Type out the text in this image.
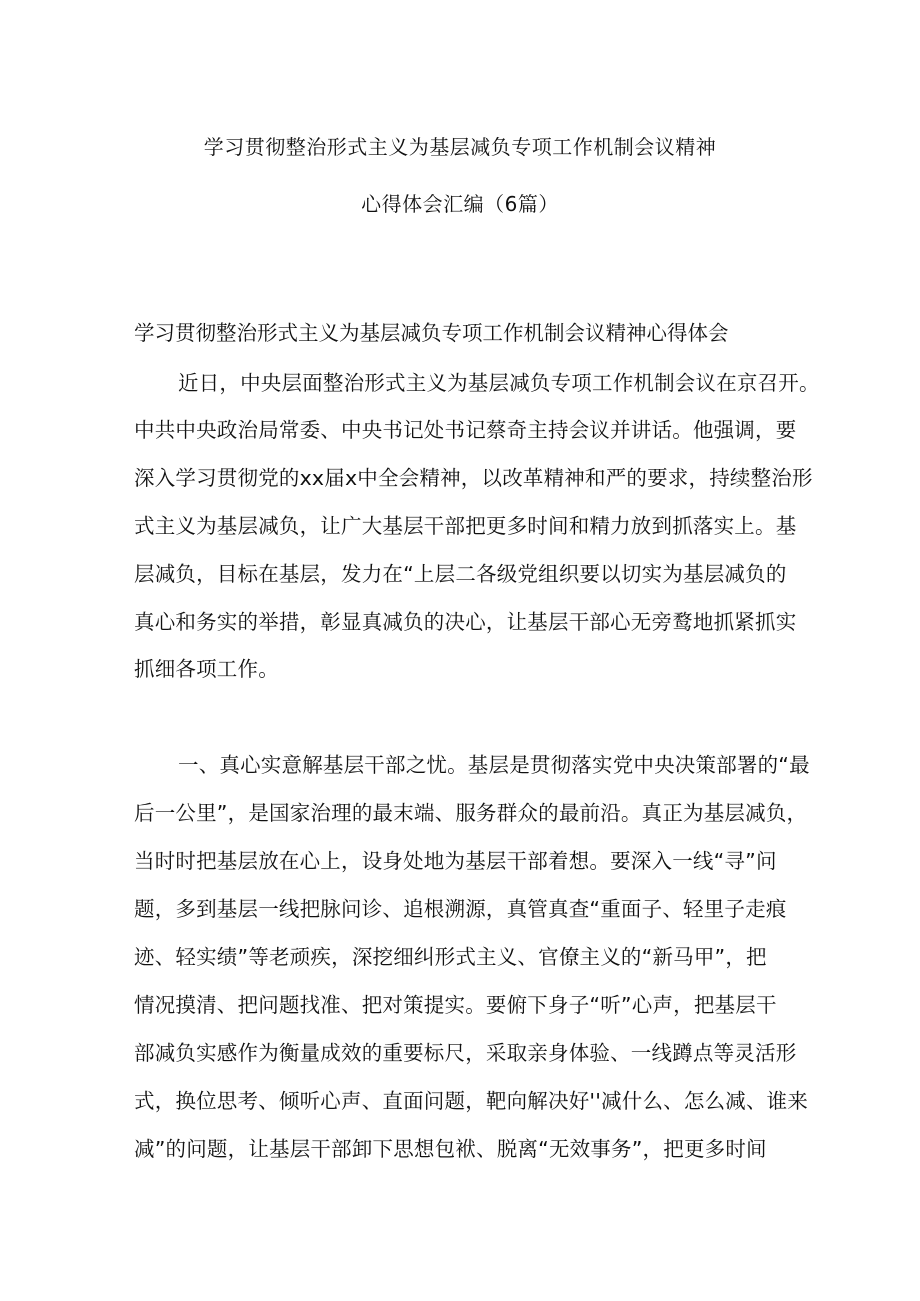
学习贯彻整治形式主义为基层减负专项工作机制会议精神
心得体会汇编（6篇）
学习贯彻整治形式主义为基层减负专项工作机制会议精神心得体会
近日，中央层面整治形式主义为基层减负专项工作机制会议在京召开。
中共中央政治局常委、中央书记处书记蔡奇主持会议并讲话。他强调，要
深入学习贯彻党的xx届x中全会精神，以改革精神和严的要求，持续整治形
式主义为基层减负，让广大基层干部把更多时间和精力放到抓落实上。基
层减负，目标在基层，发力在“上层二各级党组织要以切实为基层减负的
真心和务实的举措，彰显真减负的决心，让基层干部心无旁鹜地抓紧抓实
抓细各项工作。
一、真心实意解基层干部之忧。基层是贯彻落实党中央决策部署的“最
后一公里”，是国家治理的最末端、服务群众的最前沿。真正为基层减负，
当时时把基层放在心上，设身处地为基层干部着想。要深入一线“寻”问
题，多到基层一线把脉问诊、追根溯源，真管真查“重面子、轻里子走痕
迹、轻实绩”等老顽疾，深挖细纠形式主义、官僚主义的“新马甲”，把
情况摸清、把问题找准、把对策提实。要俯下身子“听”心声，把基层干
部减负实感作为衡量成效的重要标尺，采取亲身体验、一线蹲点等灵活形
式，换位思考、倾听心声、直面问题，靶向解决好''减什么、怎么减、谁来
减”的问题，让基层干部卸下思想包袱、脱离“无效事务”，把更多时间
